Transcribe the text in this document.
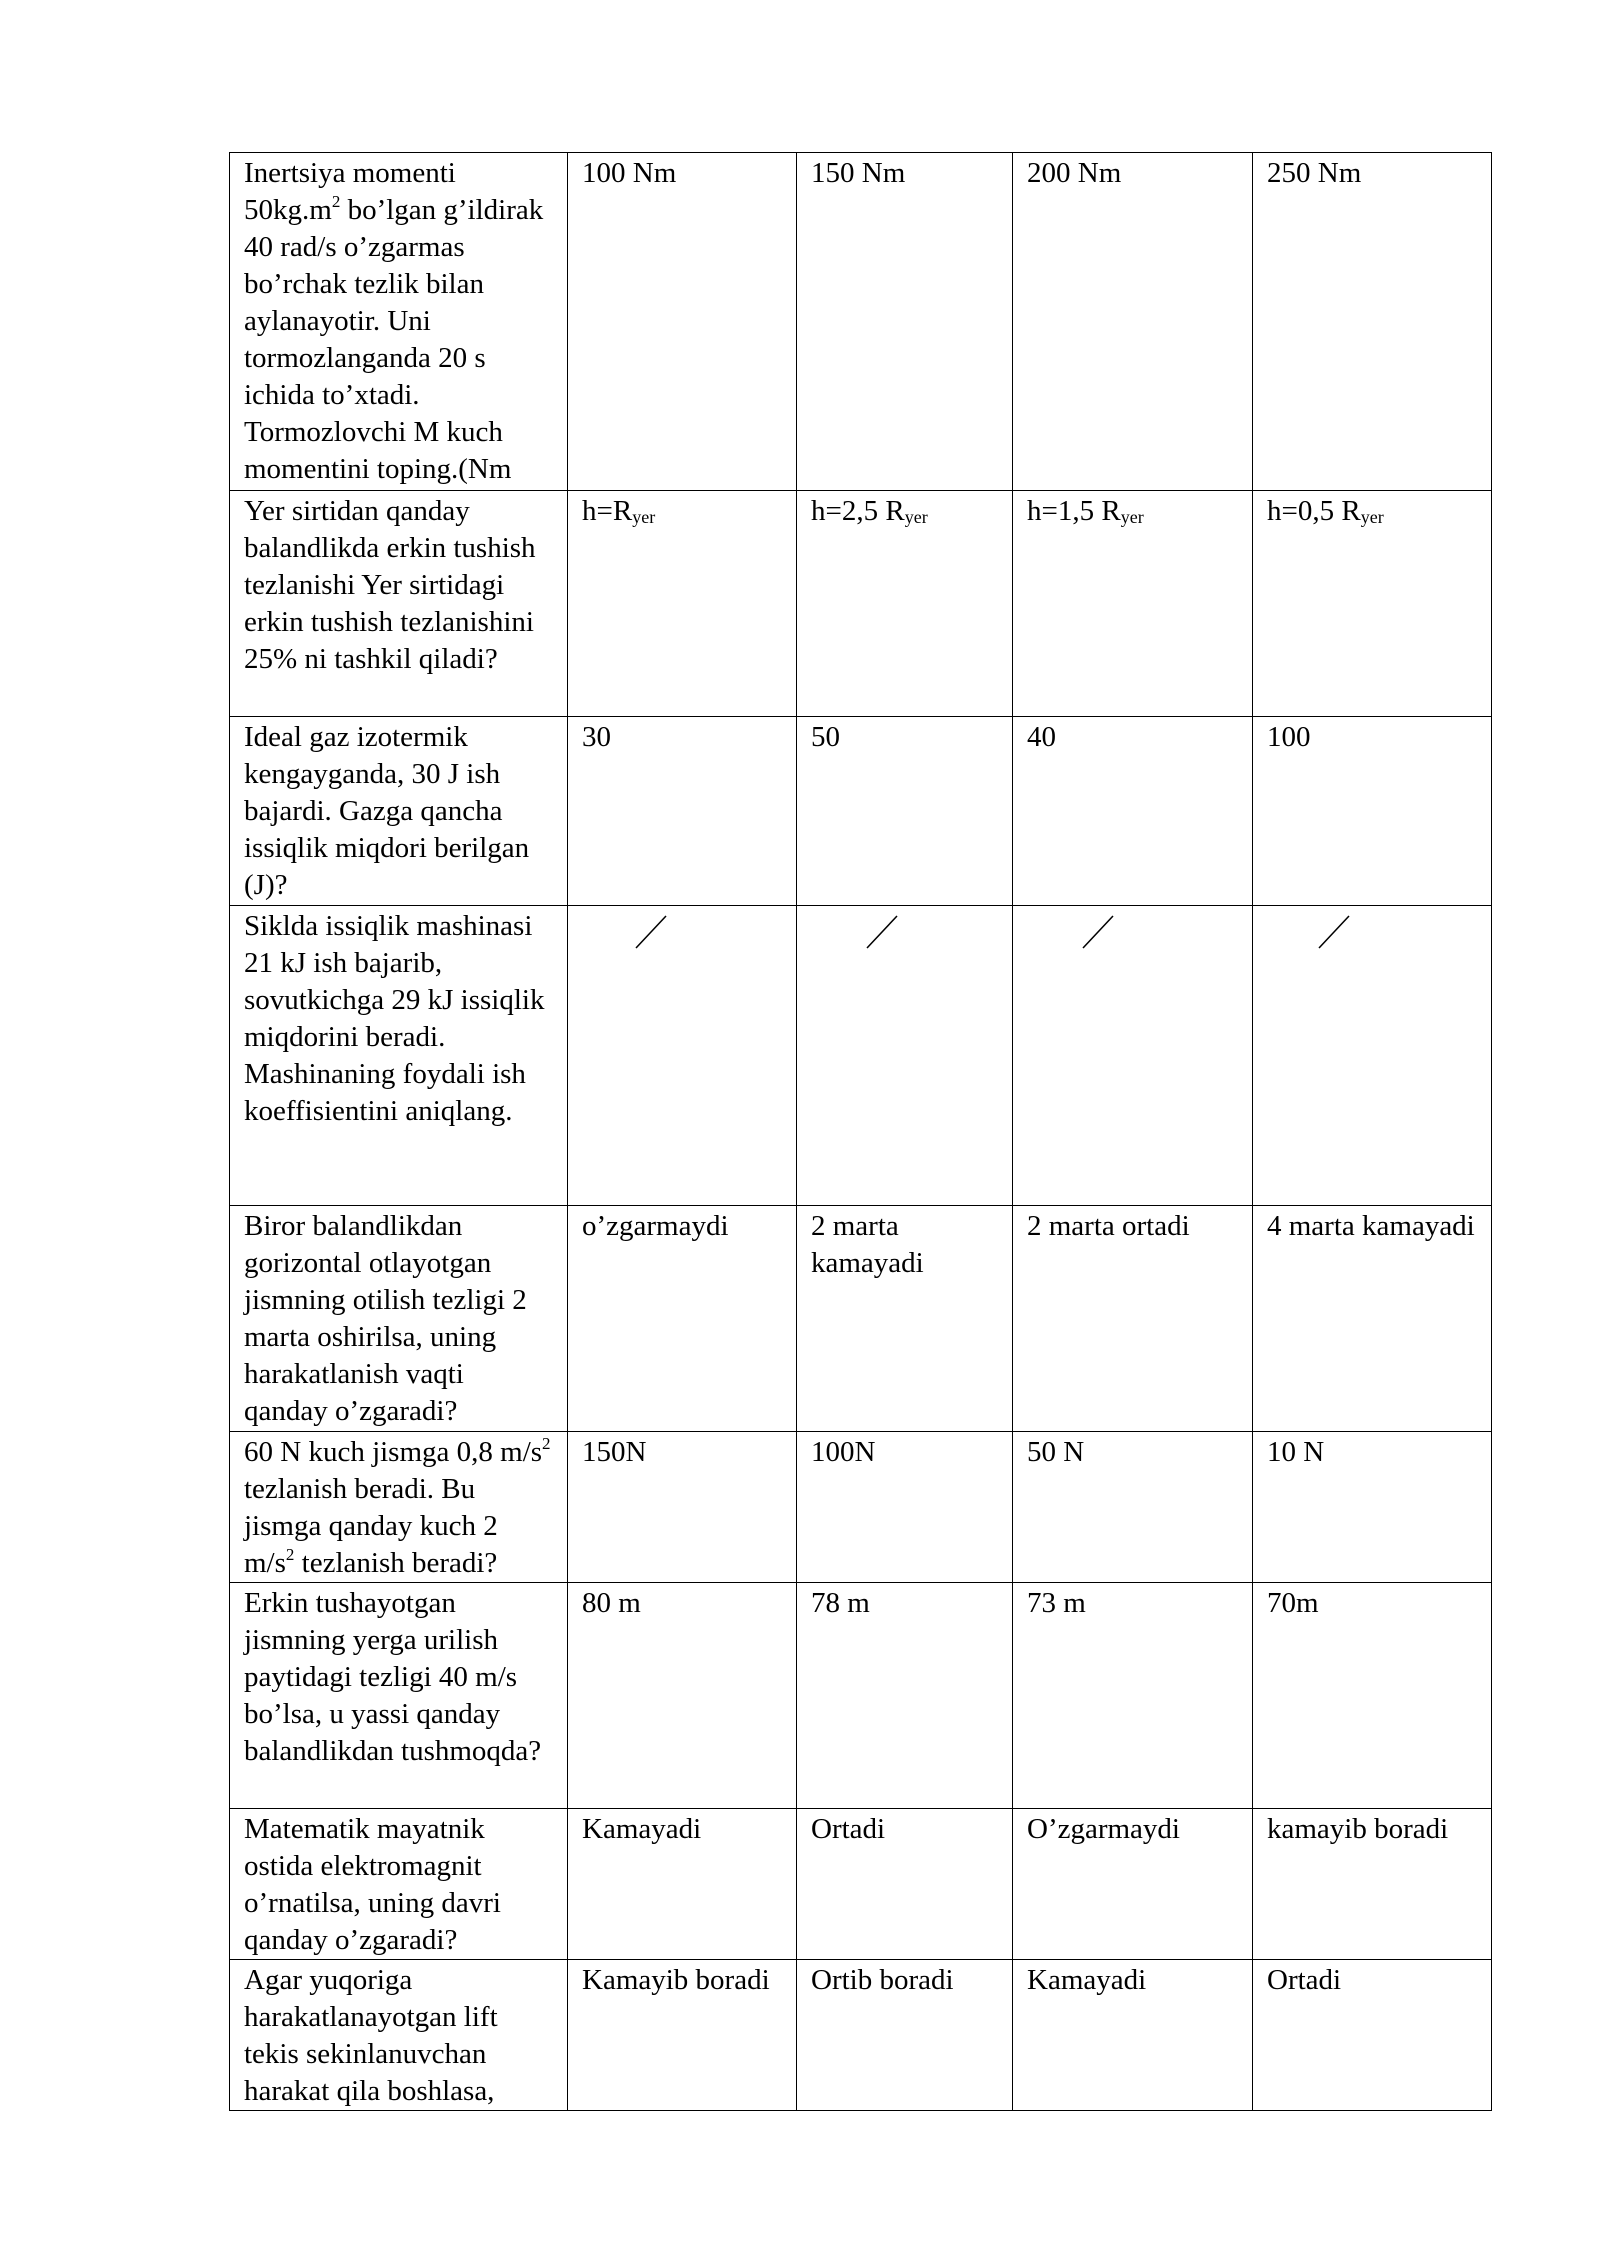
Inertsiya momenti $50kg.m^2$ bo’lgan g’ildirak 40 rad/s o’zgarmas bo’rchak tezlik bilan aylanayotir. Uni tormozlanganda 20 s ichida to’xtadi. Tormozlovchi M kuch momentini toping.(Nm	100 Nm	150 Nm	200 Nm	250 Nm
Yer sirtidan qanday balandlikda erkin tushish tezlanishi Yer sirtidagi erkin tushish tezlanishini 25% ni tashkil qiladi?	$h=R_{yer}$	h=2,5 $R_{yer}$	h=1,5 $R_{yer}$	h=0,5 $R_{yer}$
Ideal gaz izotermik kengayganda, 30 J ish bajardi. Gazga qancha issiqlik miqdori berilgan (J)?	30	50	40	100
Siklda issiqlik mashinasi 21 kJ ish bajarib, sovutkichga 29 kJ issiqlik miqdorini beradi. Mashinaning foydali ish koeffisientini aniqlang.	

Biror balandlikdan gorizontal otlayotgan jismning otilish tezligi 2 marta oshirilsa, uning harakatlanish vaqti qanday o’zgaradi?	o’zgarmaydi	2 marta kamayadi	2 marta ortadi	4 marta kamayadi
60 N kuch jismga 0,8 $m/s^2$ tezlanish beradi. Bu jismga qanday kuch 2 $m/s^2$ tezlanish beradi?	150N	100N	50 N	10 N
Erkin tushayotgan jismning yerga urilish paytidagi tezligi 40 m/s bo’lsa, u yassi qanday balandlikdan tushmoqda?	80 m	78 m	73 m	70m
Matematik mayatnik ostida elektromagnit o’rnatilsa, uning davri qanday o’zgaradi?	Kamayadi	Ortadi	O’zgarmaydi	kamayib boradi
Agar yuqoriga harakatlanayotgan lift tekis sekinlanuvchan harakat qila boshlasa,	Kamayib boradi	Ortib boradi	Kamayadi	Ortadi
